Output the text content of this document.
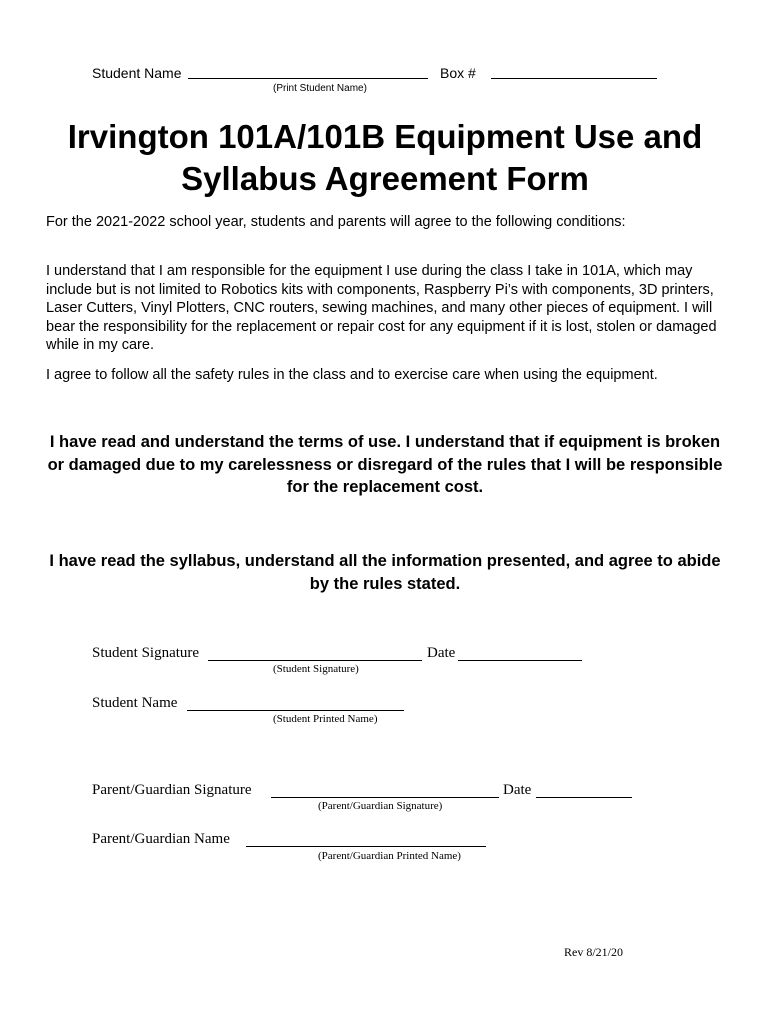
Student Name	Box #
(Print Student Name)
Irvington 101A/101B Equipment Use and Syllabus Agreement Form
For the 2021-2022 school year, students and parents will agree to the following conditions:
I understand that I am responsible for the equipment I use during the class I take in 101A, which may include but is not limited to Robotics kits with components, Raspberry Pi’s with components, 3D printers, Laser Cutters, Vinyl Plotters, CNC routers, sewing machines, and many other pieces of equipment. I will bear the responsibility for the replacement or repair cost for any equipment if it is lost, stolen or damaged while in my care.
I agree to follow all the safety rules in the class and to exercise care when using the equipment.
I have read and understand the terms of use. I understand that if equipment is broken or damaged due to my carelessness or disregard of the rules that I will be responsible for the replacement cost.
I have read the syllabus, understand all the information presented, and agree to abide by the rules stated.
Student Signature	Date
(Student Signature)
Student Name
(Student Printed Name)
Parent/Guardian Signature	Date
(Parent/Guardian Signature)
Parent/Guardian Name
(Parent/Guardian Printed Name)
Rev 8/21/20
